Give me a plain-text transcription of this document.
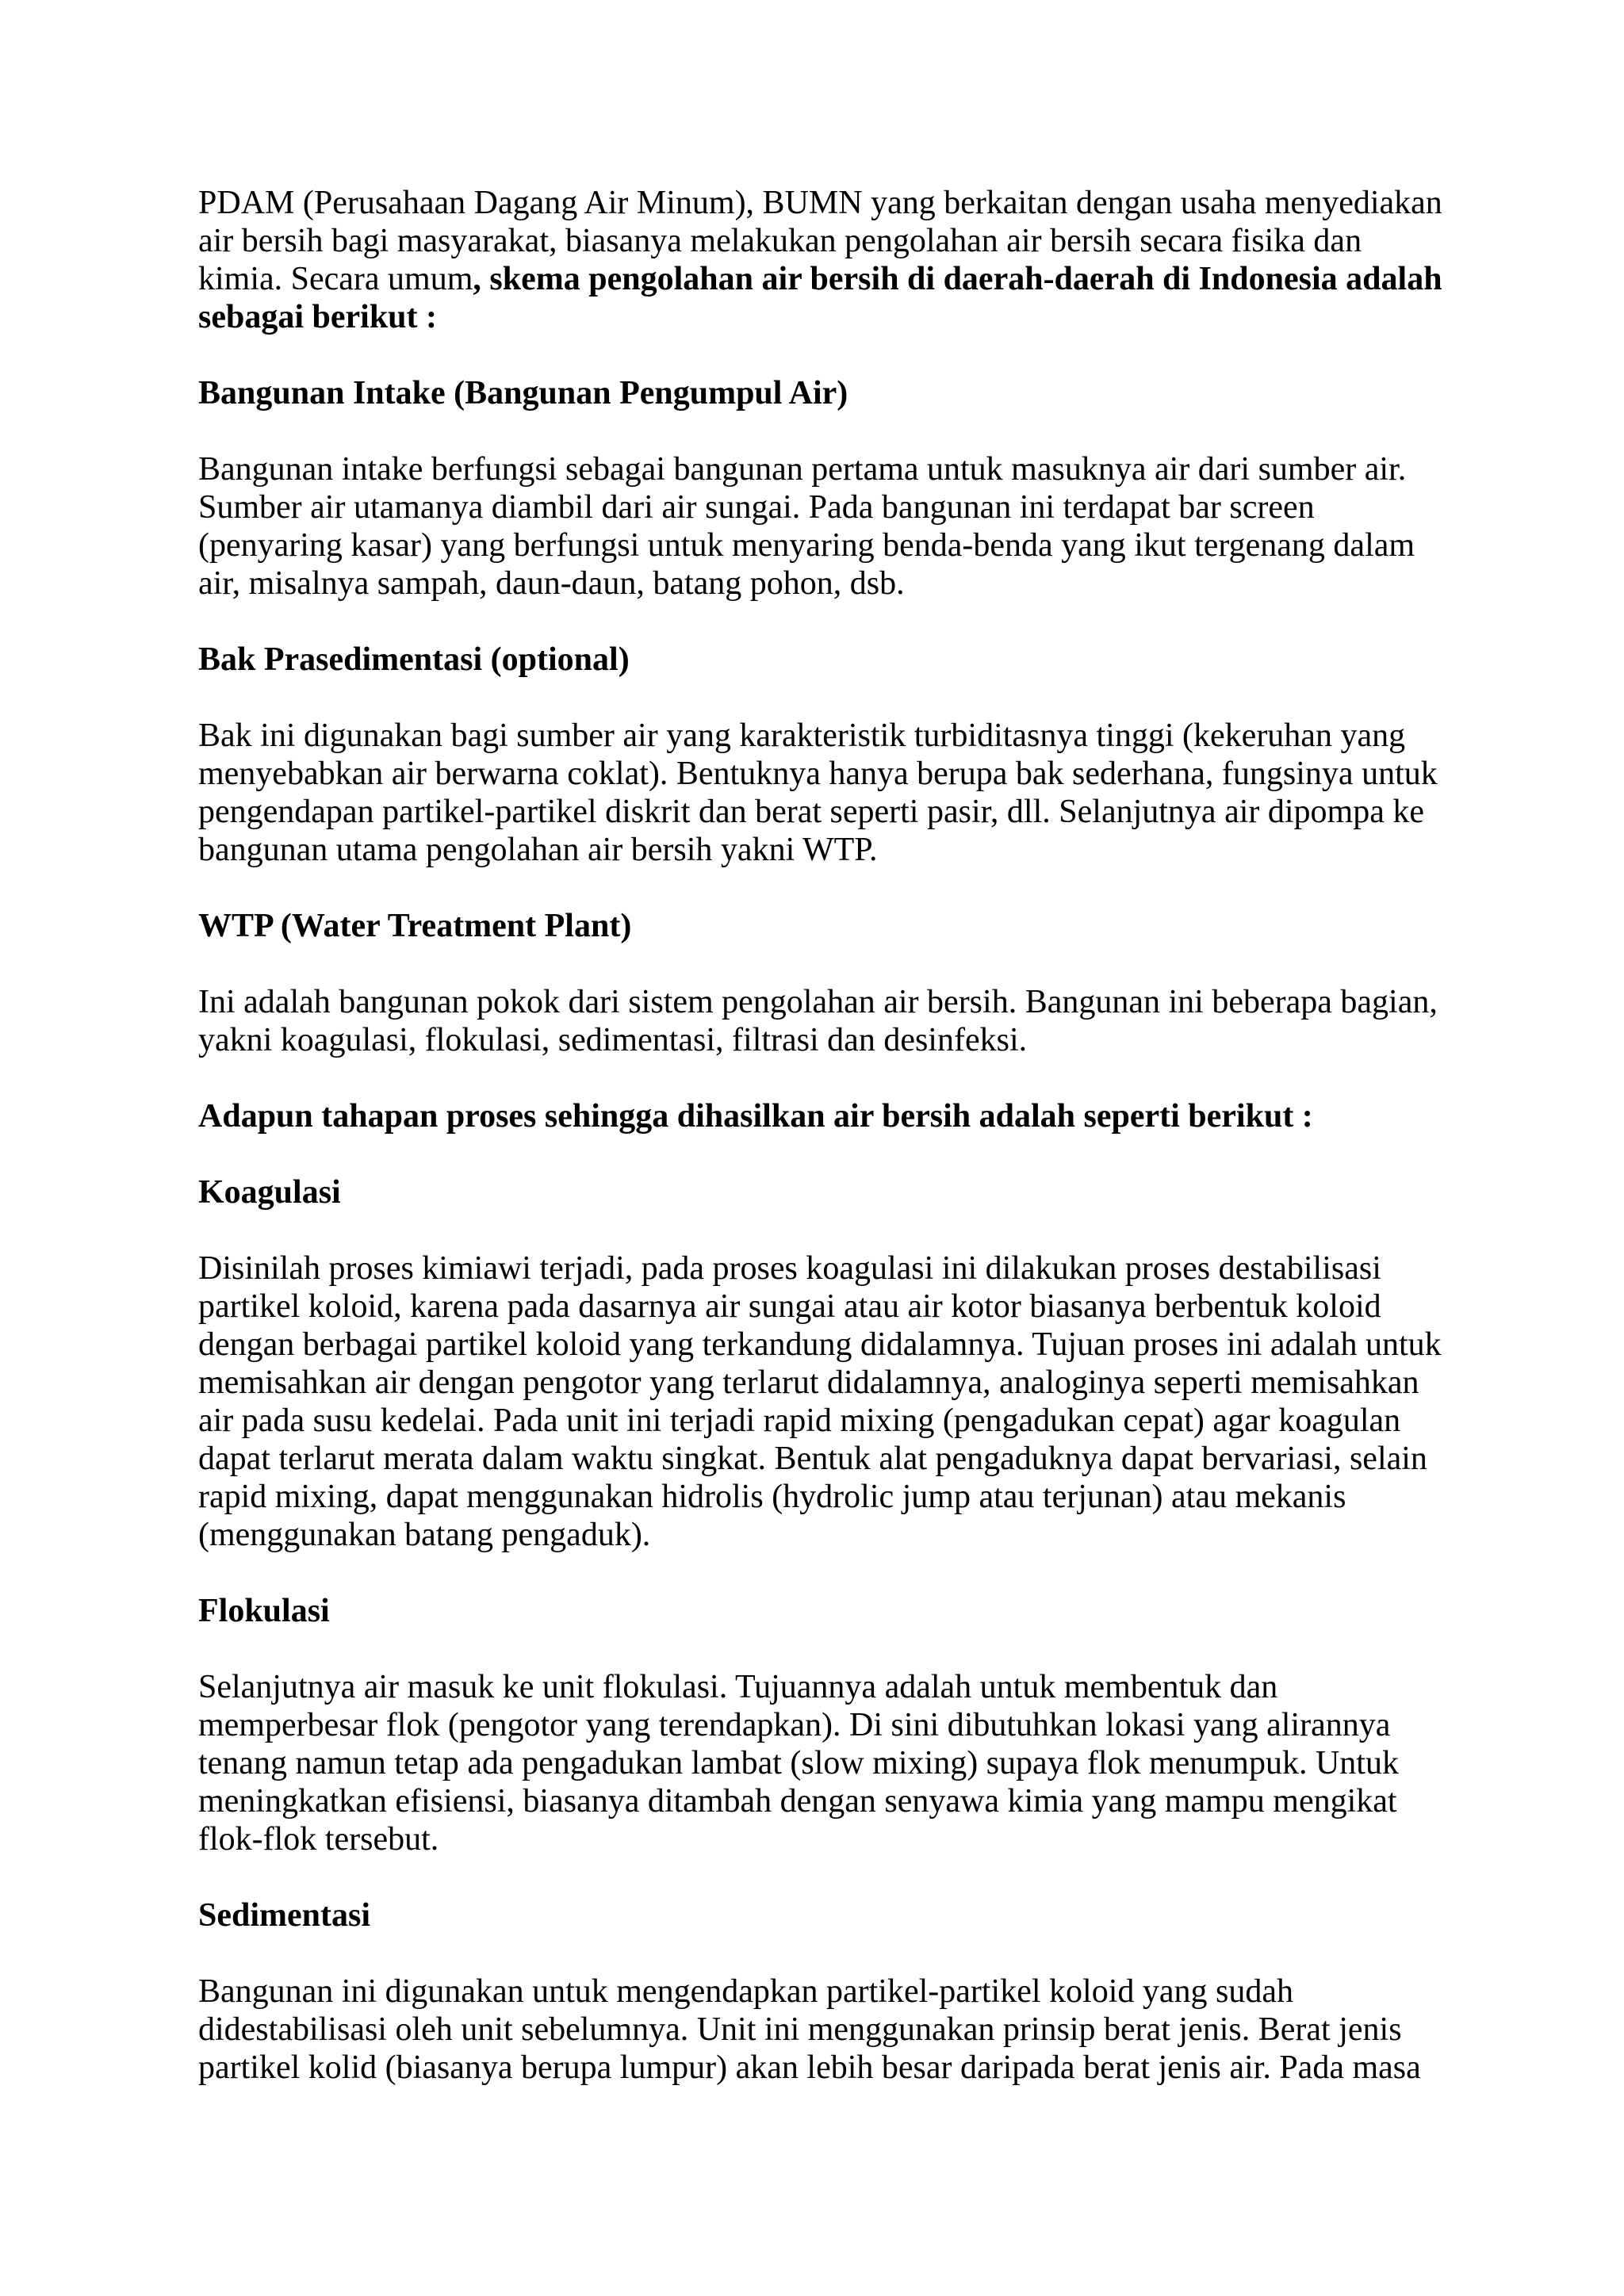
PDAM (Perusahaan Dagang Air Minum), BUMN yang berkaitan dengan usaha menyediakan
air bersih bagi masyarakat, biasanya melakukan pengolahan air bersih secara fisika dan
kimia. Secara umum, skema pengolahan air bersih di daerah-daerah di Indonesia adalah
sebagai berikut :

Bangunan Intake (Bangunan Pengumpul Air)

Bangunan intake berfungsi sebagai bangunan pertama untuk masuknya air dari sumber air.
Sumber air utamanya diambil dari air sungai. Pada bangunan ini terdapat bar screen
(penyaring kasar) yang berfungsi untuk menyaring benda-benda yang ikut tergenang dalam
air, misalnya sampah, daun-daun, batang pohon, dsb.

Bak Prasedimentasi (optional)

Bak ini digunakan bagi sumber air yang karakteristik turbiditasnya tinggi (kekeruhan yang
menyebabkan air berwarna coklat). Bentuknya hanya berupa bak sederhana, fungsinya untuk
pengendapan partikel-partikel diskrit dan berat seperti pasir, dll. Selanjutnya air dipompa ke
bangunan utama pengolahan air bersih yakni WTP.

WTP (Water Treatment Plant)

Ini adalah bangunan pokok dari sistem pengolahan air bersih. Bangunan ini beberapa bagian,
yakni koagulasi, flokulasi, sedimentasi, filtrasi dan desinfeksi.

Adapun tahapan proses sehingga dihasilkan air bersih adalah seperti berikut :
Koagulasi

Disinilah proses kimiawi terjadi, pada proses koagulasi ini dilakukan proses destabilisasi
partikel koloid, karena pada dasarnya air sungai atau air kotor biasanya berbentuk koloid
dengan berbagai partikel koloid yang terkandung didalamnya. Tujuan proses ini adalah untuk
memisahkan air dengan pengotor yang terlarut didalamnya, analoginya seperti memisahkan
air pada susu kedelai. Pada unit ini terjadi rapid mixing (pengadukan cepat) agar koagulan
dapat terlarut merata dalam waktu singkat. Bentuk alat pengaduknya dapat bervariasi, selain
rapid mixing, dapat menggunakan hidrolis (hydrolic jump atau terjunan) atau mekanis
(menggunakan batang pengaduk).

Flokulasi

Selanjutnya air masuk ke unit flokulasi. Tujuannya adalah untuk membentuk dan
memperbesar flok (pengotor yang terendapkan). Di sini dibutuhkan lokasi yang alirannya
tenang namun tetap ada pengadukan lambat (slow mixing) supaya flok menumpuk. Untuk
meningkatkan efisiensi, biasanya ditambah dengan senyawa kimia yang mampu mengikat
flok-flok tersebut.

Sedimentasi

Bangunan ini digunakan untuk mengendapkan partikel-partikel koloid yang sudah
didestabilisasi oleh unit sebelumnya. Unit ini menggunakan prinsip berat jenis. Berat jenis
partikel kolid (biasanya berupa lumpur) akan lebih besar daripada berat jenis air. Pada masa
